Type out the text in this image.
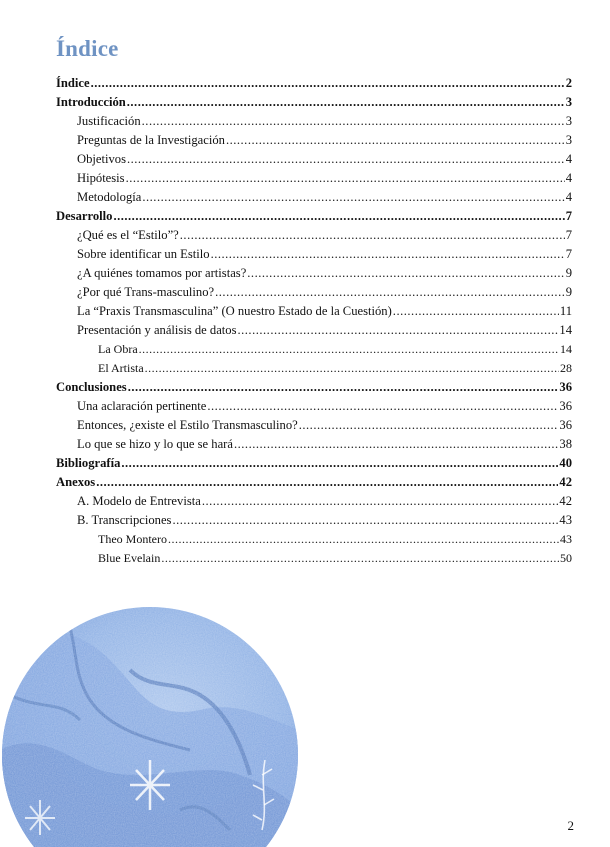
Índice
Índice .....	2
Introducción .....	3
Justificación .....	3
Preguntas de la Investigación .....	3
Objetivos .....	4
Hipótesis .....	4
Metodología .....	4
Desarrollo .....	7
¿Qué es el “Estilo”? .....	7
Sobre identificar un Estilo .....	7
¿A quiénes tomamos por artistas? .....	9
¿Por qué Trans-masculino? .....	9
La “Praxis Transmasculina” (O nuestro Estado de la Cuestión) .....	11
Presentación y análisis de datos .....	14
La Obra .....	14
El Artista .....	28
Conclusiones .....	36
Una aclaración pertinente .....	36
Entonces, ¿existe el Estilo Transmasculino? .....	36
Lo que se hizo y lo que se hará .....	38
Bibliografía .....	40
Anexos .....	42
A. Modelo de Entrevista .....	42
B. Transcripciones .....	43
Theo Montero .....	43
Blue Evelain .....	50
2
